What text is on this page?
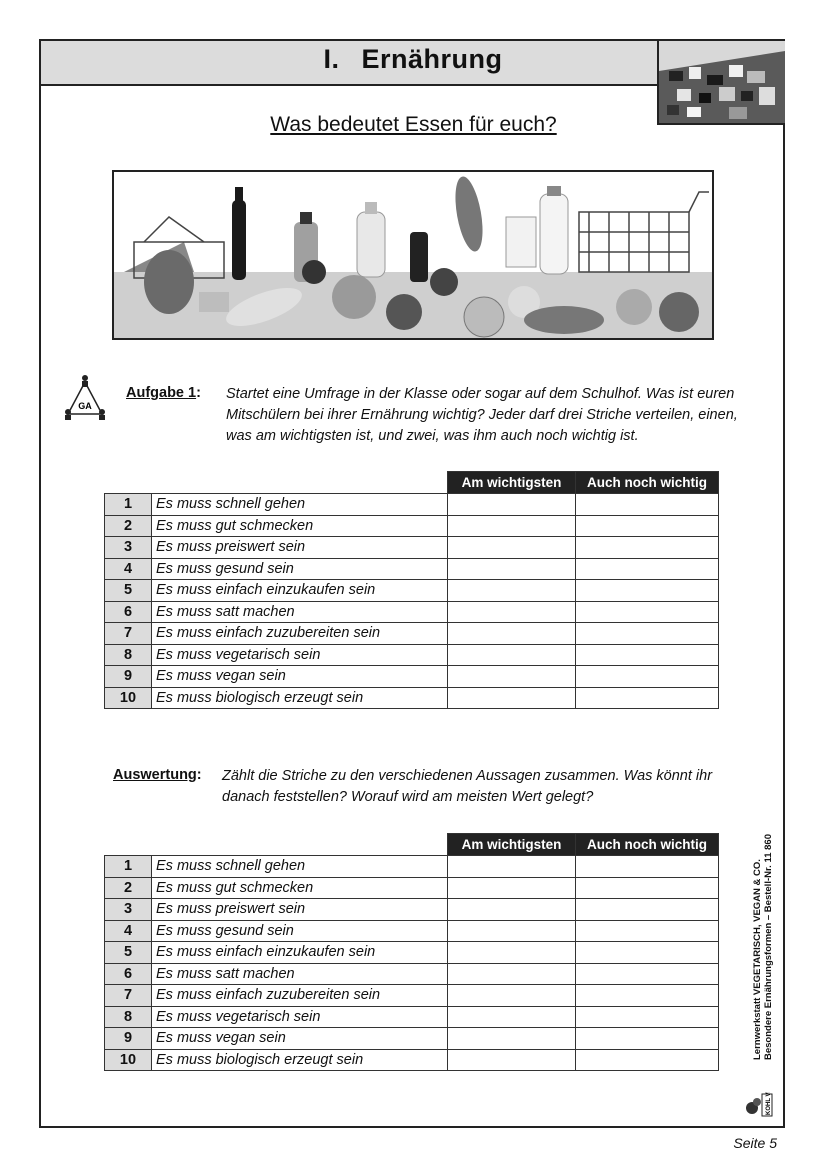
I. Ernährung
Was bedeutet Essen für euch?
GA
Aufgabe 1: Startet eine Umfrage in der Klasse oder sogar auf dem Schulhof. Was ist euren Mitschülern bei ihrer Ernährung wichtig? Jeder darf drei Striche verteilen, einen, was am wichtigsten ist, und zwei, was ihm auch noch wichtig ist.
		Am wichtigsten	Auch noch wichtig
1	Es muss schnell gehen		
2	Es muss gut schmecken		
3	Es muss preiswert sein		
4	Es muss gesund sein		
5	Es muss einfach einzukaufen sein		
6	Es muss satt machen		
7	Es muss einfach zuzubereiten sein		
8	Es muss vegetarisch sein		
9	Es muss vegan sein		
10	Es muss biologisch erzeugt sein		
Auswertung: Zählt die Striche zu den verschiedenen Aussagen zusammen. Was könnt ihr danach feststellen? Worauf wird am meisten Wert gelegt?
		Am wichtigsten	Auch noch wichtig
1	Es muss schnell gehen		
2	Es muss gut schmecken		
3	Es muss preiswert sein		
4	Es muss gesund sein		
5	Es muss einfach einzukaufen sein		
6	Es muss satt machen		
7	Es muss einfach zuzubereiten sein		
8	Es muss vegetarisch sein		
9	Es muss vegan sein		
10	Es muss biologisch erzeugt sein			Lernwerkstatt VEGETARISCH, VEGAN & CO. Besondere Ernährungsformen – Bestell-Nr. 11 860
KOHL VERLAG
Seite 5
